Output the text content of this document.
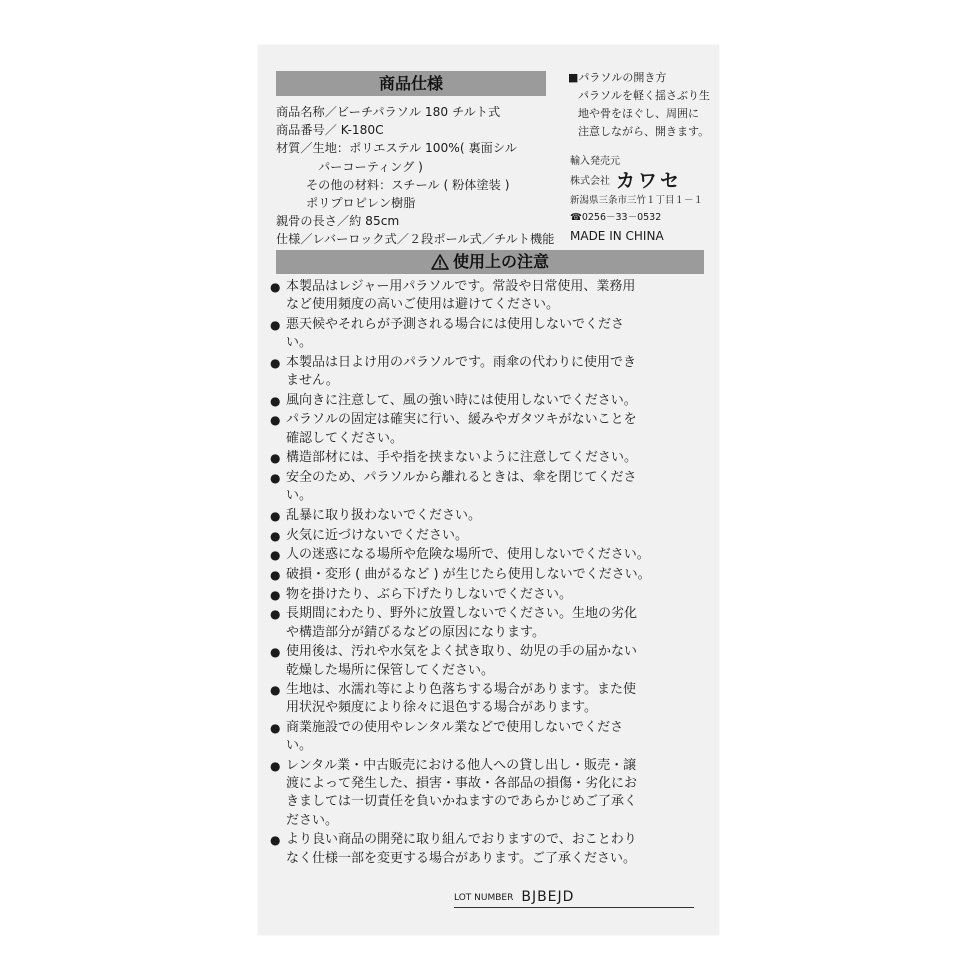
商品仕様
商品名称／ビーチパラソル 180 チルト式
商品番号／ K-180C
材質／生地：ポリエステル 100%( 裏面シル
パーコーティング )
その他の材料：スチール ( 粉体塗装 )
ポリプロピレン樹脂
親骨の長さ／約 85cm
仕様／レバーロック式／２段ポール式／チルト機能
■パラソルの開き方
パラソルを軽く揺さぶり生
地や骨をほぐし、周囲に
注意しながら、開きます。
輸入発売元
株式会社 カワセ
新潟県三条市三竹１丁目１－１
☎0256－33－0532
MADE IN CHINA
使用上の注意
● 本製品はレジャー用パラソルです。常設や日常使用、業務用
など使用頻度の高いご使用は避けてください。
● 悪天候やそれらが予測される場合には使用しないでくださ
い。
● 本製品は日よけ用のパラソルです。雨傘の代わりに使用でき
ません。
● 風向きに注意して、風の強い時には使用しないでください。
● パラソルの固定は確実に行い、緩みやガタツキがないことを
確認してください。
● 構造部材には、手や指を挟まないように注意してください。
● 安全のため、パラソルから離れるときは、傘を閉じてくださ
い。
● 乱暴に取り扱わないでください。
● 火気に近づけないでください。
● 人の迷惑になる場所や危険な場所で、使用しないでください。
● 破損・変形 ( 曲がるなど ) が生じたら使用しないでください。
● 物を掛けたり、ぶら下げたりしないでください。
● 長期間にわたり、野外に放置しないでください。生地の劣化
や構造部分が錆びるなどの原因になります。
● 使用後は、汚れや水気をよく拭き取り、幼児の手の届かない
乾燥した場所に保管してください。
● 生地は、水濡れ等により色落ちする場合があります。また使
用状況や頻度により徐々に退色する場合があります。
● 商業施設での使用やレンタル業などで使用しないでくださ
い。
● レンタル業・中古販売における他人への貸し出し・販売・譲
渡によって発生した、損害・事故・各部品の損傷・劣化にお
きましては一切責任を負いかねますのであらかじめご了承く
ださい。
● より良い商品の開発に取り組んでおりますので、おことわり
なく仕様一部を変更する場合があります。ご了承ください。
LOT NUMBER BJBEJD
